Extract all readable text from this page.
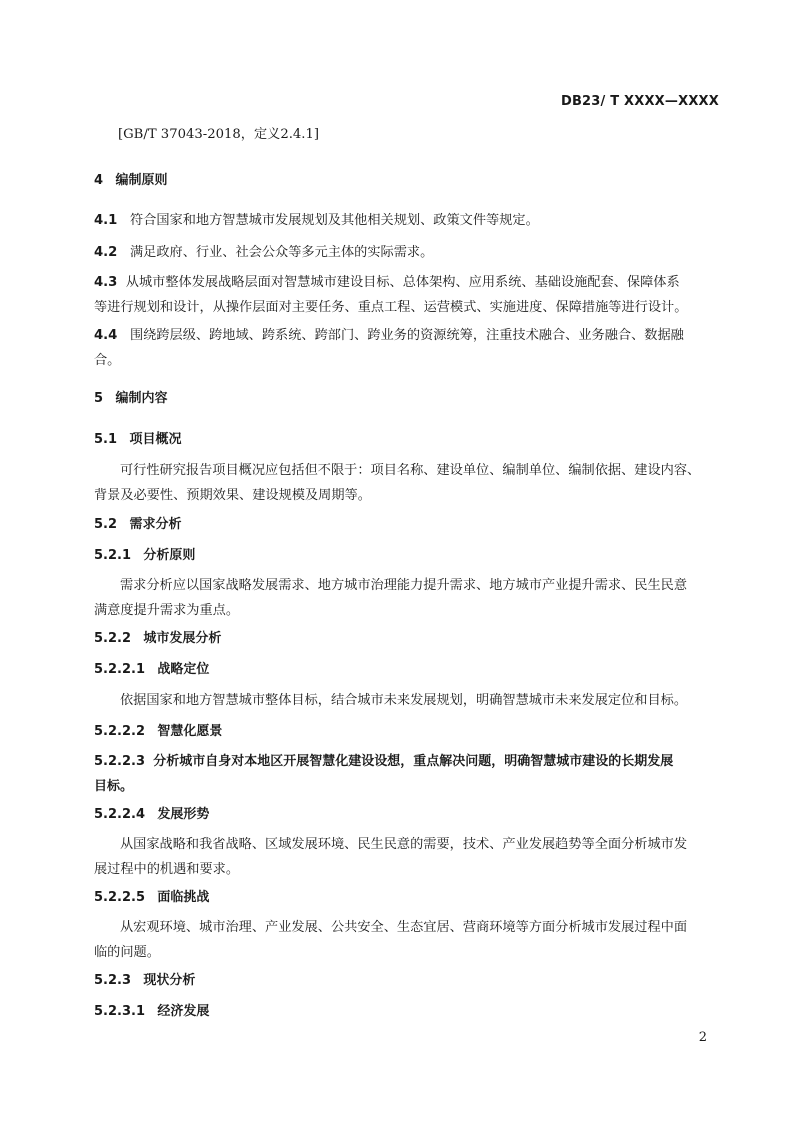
DB23/ T XXXX—XXXX
[GB/T 37043-2018，定义2.4.1]
4 编制原则
4.1 符合国家和地方智慧城市发展规划及其他相关规划、政策文件等规定。
4.2 满足政府、行业、社会公众等多元主体的实际需求。
4.3 从城市整体发展战略层面对智慧城市建设目标、总体架构、应用系统、基础设施配套、保障体系
等进行规划和设计，从操作层面对主要任务、重点工程、运营模式、实施进度、保障措施等进行设计。
4.4 围绕跨层级、跨地域、跨系统、跨部门、跨业务的资源统筹，注重技术融合、业务融合、数据融
合。
5 编制内容
5.1 项目概况
可行性研究报告项目概况应包括但不限于：项目名称、建设单位、编制单位、编制依据、建设内容、
背景及必要性、预期效果、建设规模及周期等。
5.2 需求分析
5.2.1 分析原则
需求分析应以国家战略发展需求、地方城市治理能力提升需求、地方城市产业提升需求、民生民意
满意度提升需求为重点。
5.2.2 城市发展分析
5.2.2.1 战略定位
依据国家和地方智慧城市整体目标，结合城市未来发展规划，明确智慧城市未来发展定位和目标。
5.2.2.2 智慧化愿景
5.2.2.3 分析城市自身对本地区开展智慧化建设设想，重点解决问题，明确智慧城市建设的长期发展
目标。
5.2.2.4 发展形势
从国家战略和我省战略、区域发展环境、民生民意的需要，技术、产业发展趋势等全面分析城市发
展过程中的机遇和要求。
5.2.2.5 面临挑战
从宏观环境、城市治理、产业发展、公共安全、生态宜居、营商环境等方面分析城市发展过程中面
临的问题。
5.2.3 现状分析
5.2.3.1 经济发展
2
